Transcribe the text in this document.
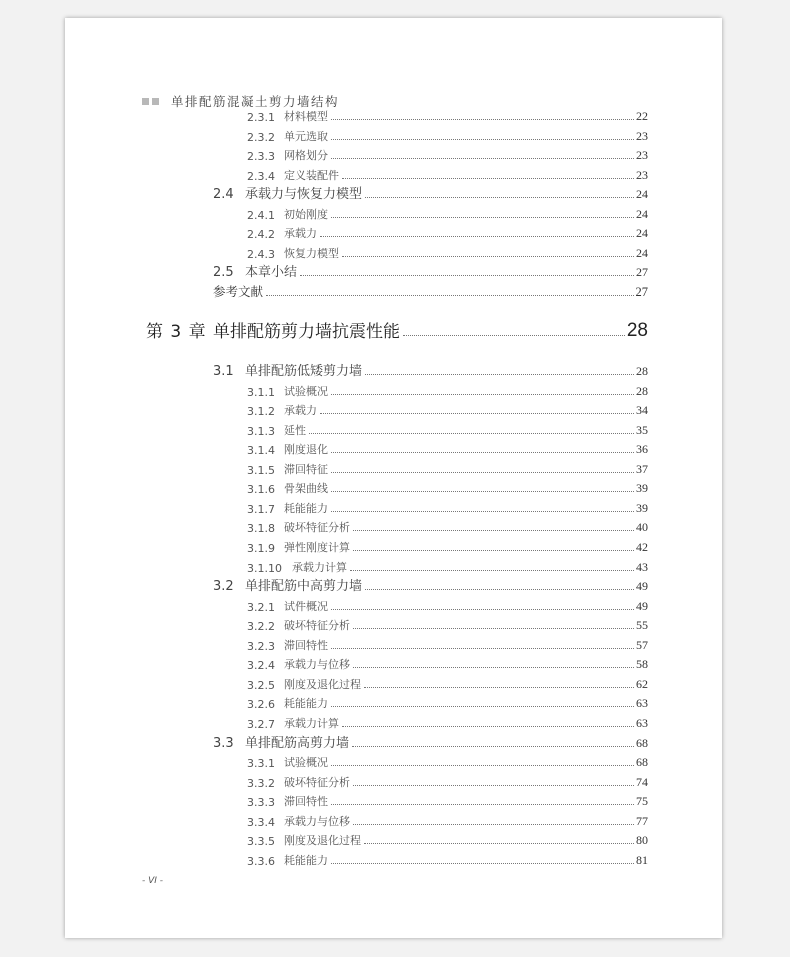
单排配筋混凝土剪力墙结构
2.3.1 材料模型	22
2.3.2 单元选取	23
2.3.3 网格划分	23
2.3.4 定义装配件	23
2.4 承载力与恢复力模型	24
2.4.1 初始刚度	24
2.4.2 承载力	24
2.4.3 恢复力模型	24
2.5 本章小结	27
参考文献	27
第 3 章 单排配筋剪力墙抗震性能	28
3.1 单排配筋低矮剪力墙	28
3.1.1 试验概况	28
3.1.2 承载力	34
3.1.3 延性	35
3.1.4 刚度退化	36
3.1.5 滞回特征	37
3.1.6 骨架曲线	39
3.1.7 耗能能力	39
3.1.8 破坏特征分析	40
3.1.9 弹性刚度计算	42
3.1.10 承载力计算	43
3.2 单排配筋中高剪力墙	49
3.2.1 试件概况	49
3.2.2 破坏特征分析	55
3.2.3 滞回特性	57
3.2.4 承载力与位移	58
3.2.5 刚度及退化过程	62
3.2.6 耗能能力	63
3.2.7 承载力计算	63
3.3 单排配筋高剪力墙	68
3.3.1 试验概况	68
3.3.2 破坏特征分析	74
3.3.3 滞回特性	75
3.3.4 承载力与位移	77
3.3.5 刚度及退化过程	80
3.3.6 耗能能力	81
- VI -
